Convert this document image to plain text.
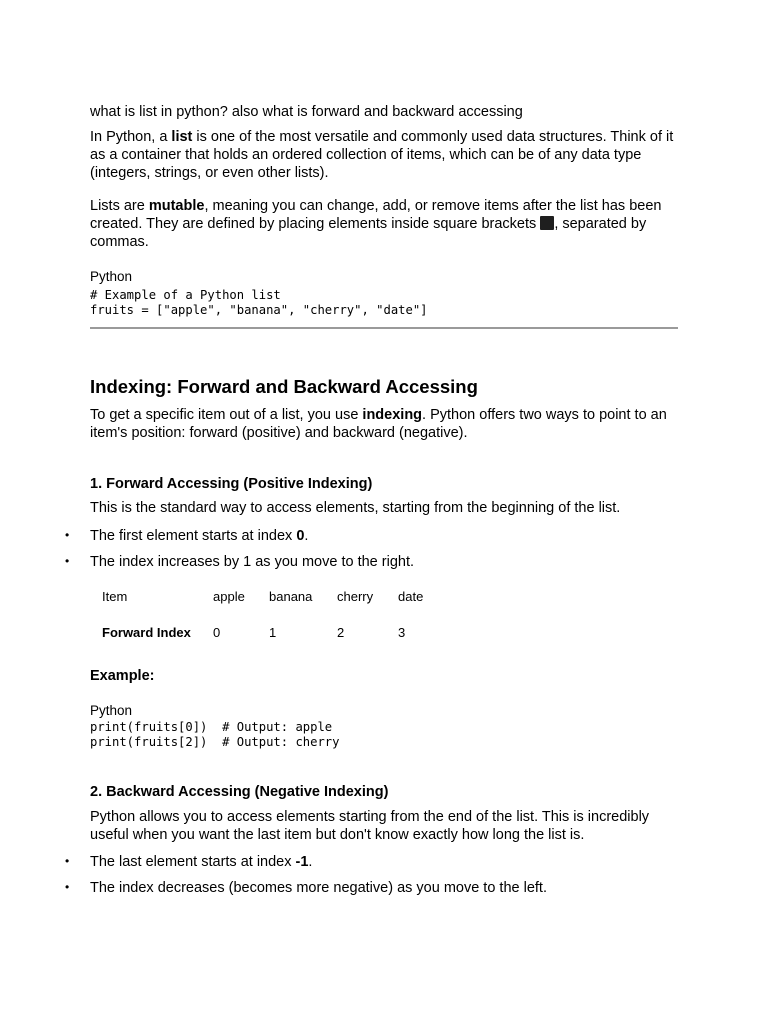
what is list in python? also what is forward and backward accessing
In Python, a list is one of the most versatile and commonly used data structures. Think of it as a container that holds an ordered collection of items, which can be of any data type (integers, strings, or even other lists).
Lists are mutable, meaning you can change, add, or remove items after the list has been created. They are defined by placing elements inside square brackets , separated by commas.
Python
# Example of a Python list
fruits = ["apple", "banana", "cherry", "date"]
Indexing: Forward and Backward Accessing
To get a specific item out of a list, you use indexing. Python offers two ways to point to an item's position: forward (positive) and backward (negative).
1. Forward Accessing (Positive Indexing)
This is the standard way to access elements, starting from the beginning of the list.
• The first element starts at index 0.
• The index increases by 1 as you move to the right.
Item	apple	banana	cherry	date
Forward Index	0	1	2	3
Example:
Python
print(fruits[0])  # Output: apple
print(fruits[2])  # Output: cherry
2. Backward Accessing (Negative Indexing)
Python allows you to access elements starting from the end of the list. This is incredibly useful when you want the last item but don't know exactly how long the list is.
• The last element starts at index -1.
• The index decreases (becomes more negative) as you move to the left.
